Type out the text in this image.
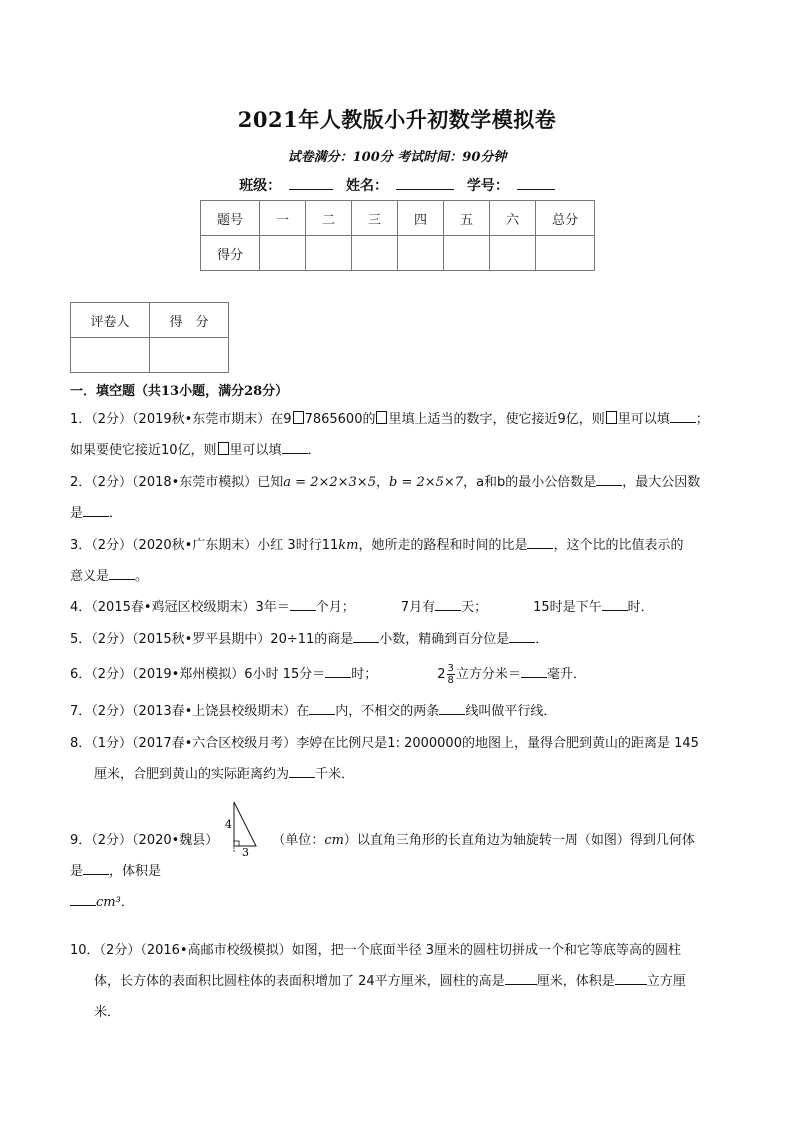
2021年人教版小升初数学模拟卷
试卷满分：100分 考试时间：90分钟
班级：	姓名：	学号：
题号	一	二	三	四	五	六	总分
得分							
评卷人	得　分

一．填空题（共13小题，满分28分）
1．（2分）（2019秋•东莞市期末）在9 7865600的 里填上适当的数字，使它接近9亿，则 里可以填 ；
如果要使它接近10亿，则 里可以填 ．
2．（2分）（2018•东莞市模拟）已知a = 2×2×3×5，b = 2×5×7，a和b的最小公倍数是 ，最大公因数
是 ．
3．（2分）（2020秋•广东期末）小红 3时行11km，她所走的路程和时间的比是 ，这个比的比值表示的
意义是 。
4．（2015春•鸡冠区校级期末）3年＝ 个月；	7月有 天；	15时是下午 时．
5．（2分）（2015秋•罗平县期中）20÷11的商是 小数，精确到百分位是 ．
6．（2分）（2019•郑州模拟）6小时 15分＝ 时；	$2 \frac{3}{8}$ 立方分米＝ 毫升．
7．（2分）（2013春•上饶县校级期末）在 内，不相交的两条 线叫做平行线．
8．（1分）（2017春•六合区校级月考）李婷在比例尺是1: 2000000的地图上，量得合肥到黄山的距离是 145
厘米，合肥到黄山的实际距离约为 千米．
9．（2分）（2020•魏县）
4
3
（单位：cm）以直角三角形的长直角边为轴旋转一周（如图）得到几何体
是 ，体积是
cm³．
10．（2分）（2016•高邮市校级模拟）如图，把一个底面半径 3厘米的圆柱切拼成一个和它等底等高的圆柱
体，长方体的表面积比圆柱体的表面积增加了 24平方厘米，圆柱的高是 厘米，体积是 立方厘
米．
